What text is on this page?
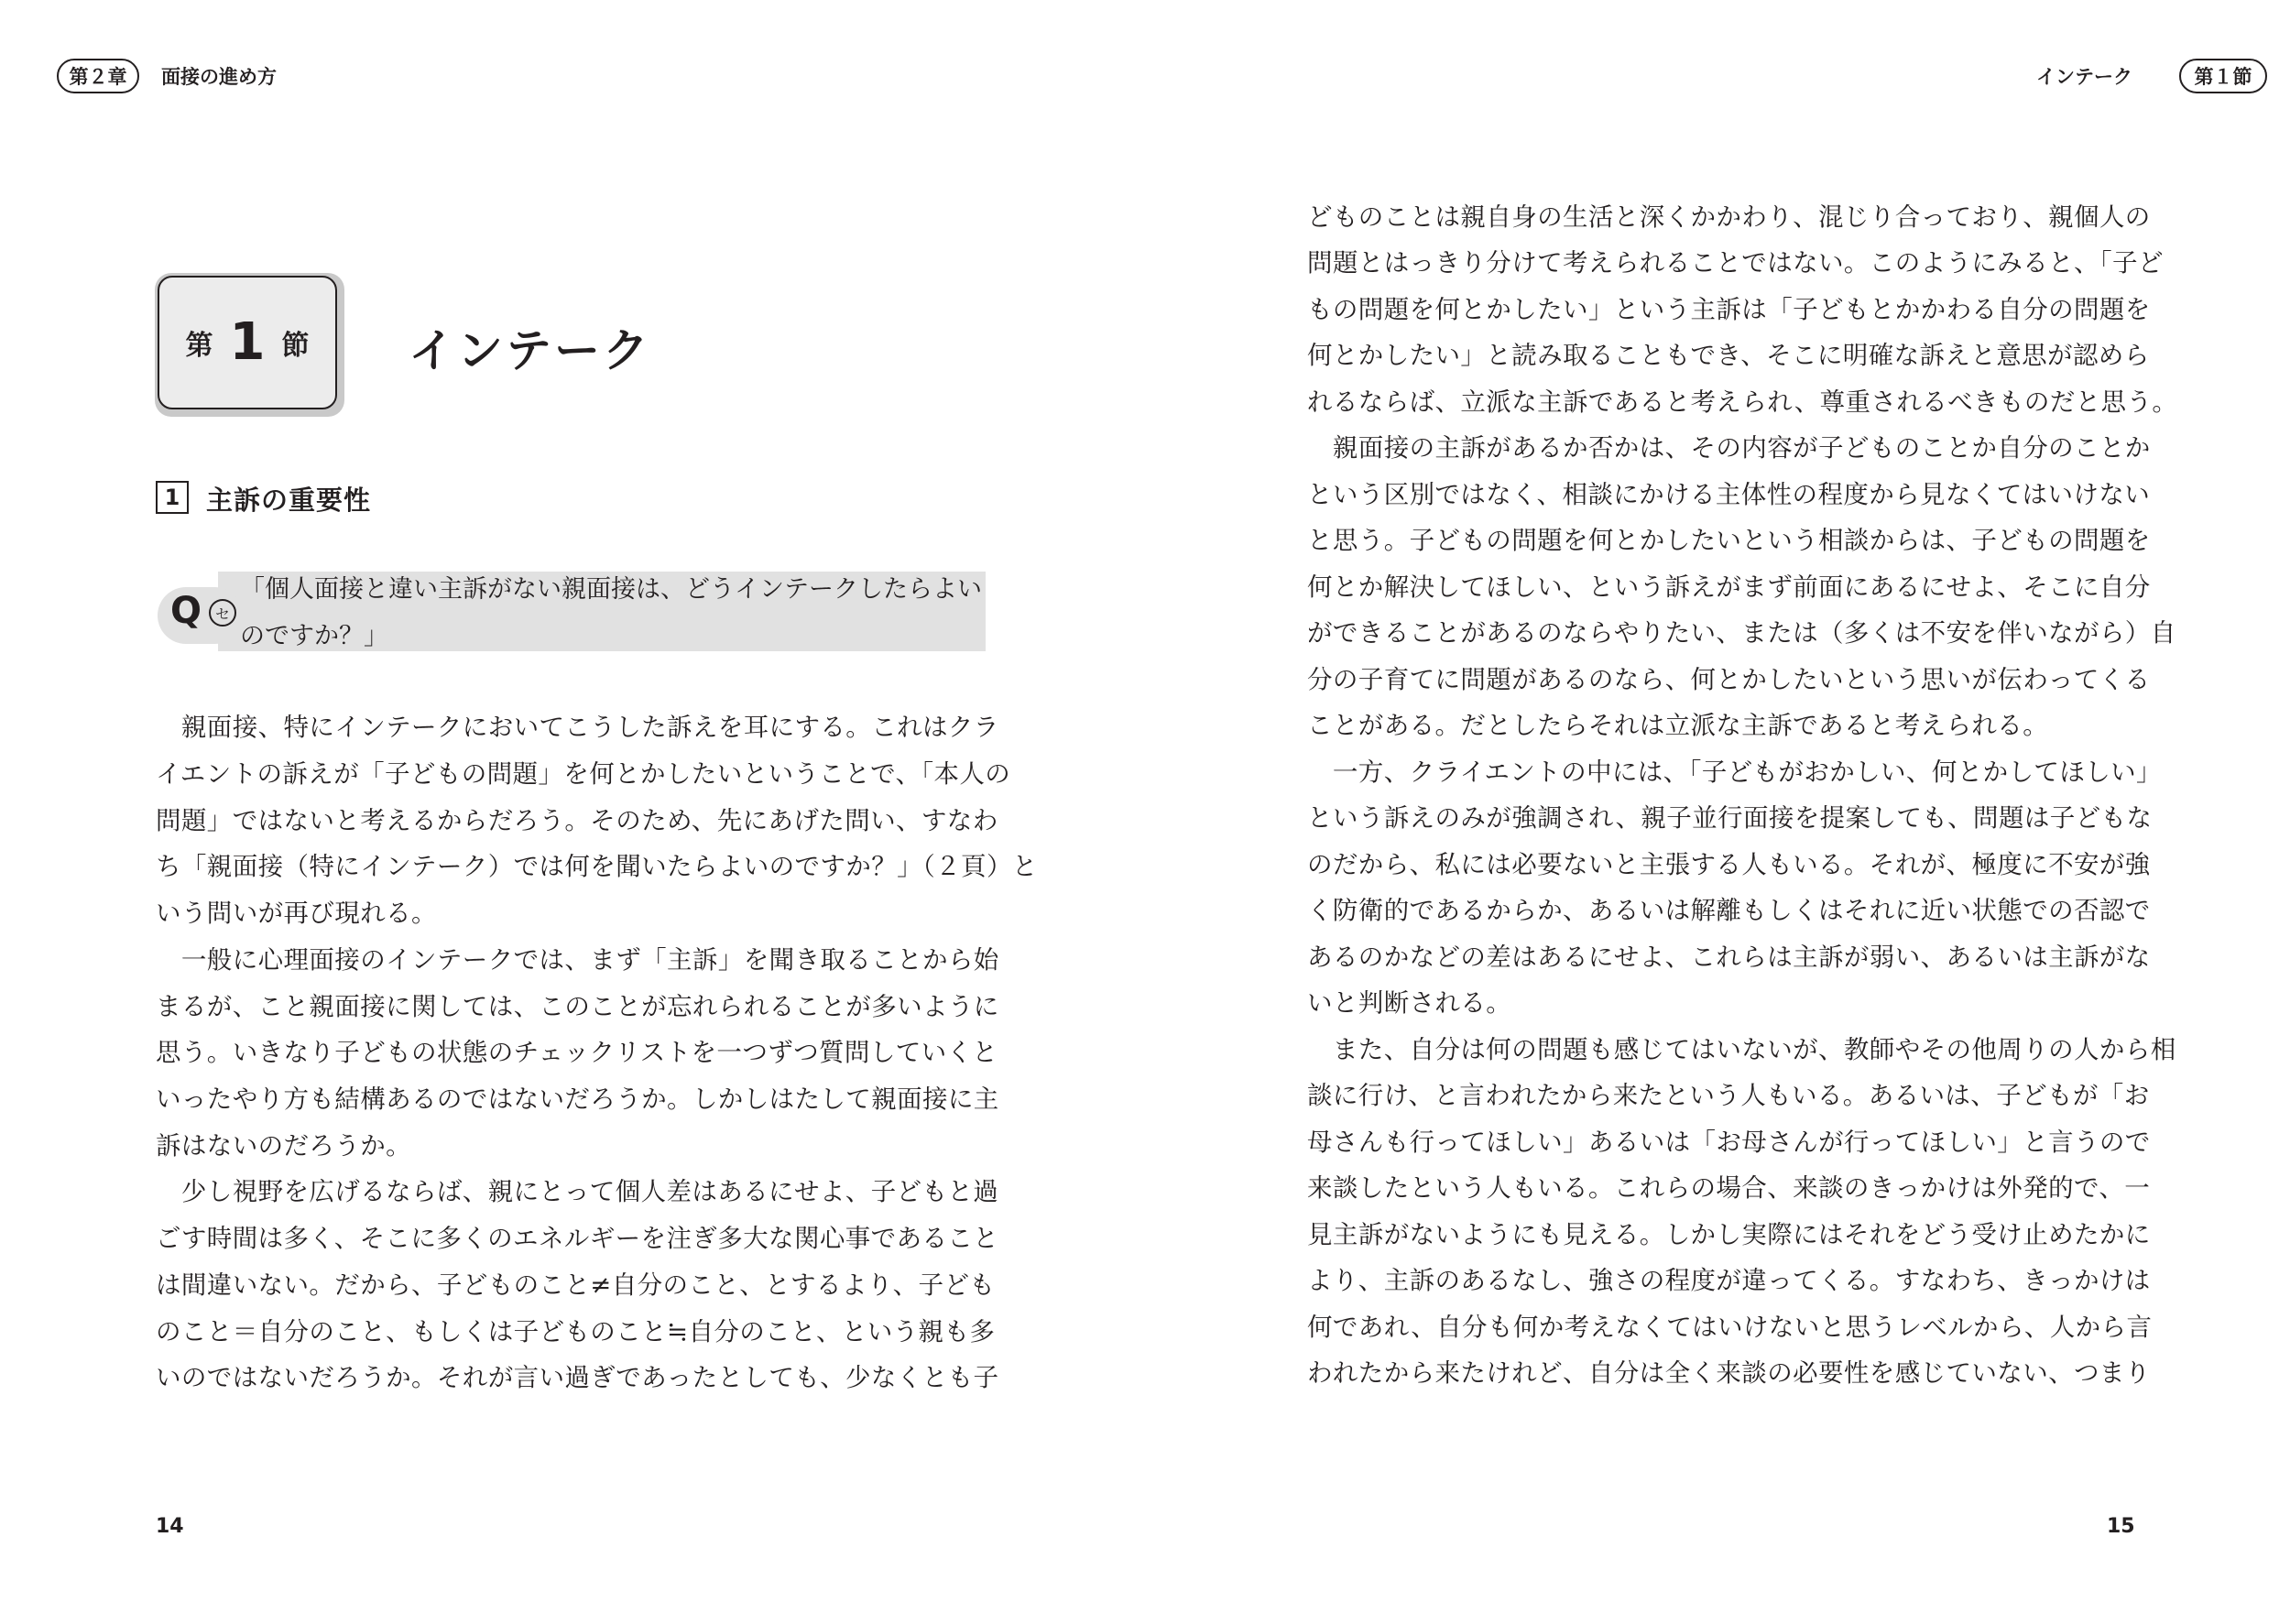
第２章	面接の進め方
第 1 節 インテーク
1 主訴の重要性
Q セ
「個人面接と違い主訴がない親面接は、どうインテークしたらよい
のですか？」
　親面接、特にインテークにおいてこうした訴えを耳にする。これはクラ
イエントの訴えが「子どもの問題」を何とかしたいということで、「本人の
問題」ではないと考えるからだろう。そのため、先にあげた問い、すなわ
ち「親面接（特にインテーク）では何を聞いたらよいのですか？」（２頁）と
いう問いが再び現れる。
　一般に心理面接のインテークでは、まず「主訴」を聞き取ることから始
まるが、こと親面接に関しては、このことが忘れられることが多いように
思う。いきなり子どもの状態のチェックリストを一つずつ質問していくと
いったやり方も結構あるのではないだろうか。しかしはたして親面接に主
訴はないのだろうか。
　少し視野を広げるならば、親にとって個人差はあるにせよ、子どもと過
ごす時間は多く、そこに多くのエネルギーを注ぎ多大な関心事であること
は間違いない。だから、子どものこと≠自分のこと、とするより、子ども
のこと＝自分のこと、もしくは子どものこと≒自分のこと、という親も多
いのではないだろうか。それが言い過ぎであったとしても、少なくとも子
14
インテーク	第１節
どものことは親自身の生活と深くかかわり、混じり合っており、親個人の
問題とはっきり分けて考えられることではない。このようにみると、「子ど
もの問題を何とかしたい」という主訴は「子どもとかかわる自分の問題を
何とかしたい」と読み取ることもでき、そこに明確な訴えと意思が認めら
れるならば、立派な主訴であると考えられ、尊重されるべきものだと思う。
　親面接の主訴があるか否かは、その内容が子どものことか自分のことか
という区別ではなく、相談にかける主体性の程度から見なくてはいけない
と思う。子どもの問題を何とかしたいという相談からは、子どもの問題を
何とか解決してほしい、という訴えがまず前面にあるにせよ、そこに自分
ができることがあるのならやりたい、または（多くは不安を伴いながら）自
分の子育てに問題があるのなら、何とかしたいという思いが伝わってくる
ことがある。だとしたらそれは立派な主訴であると考えられる。
　一方、クライエントの中には、「子どもがおかしい、何とかしてほしい」
という訴えのみが強調され、親子並行面接を提案しても、問題は子どもな
のだから、私には必要ないと主張する人もいる。それが、極度に不安が強
く防衛的であるからか、あるいは解離もしくはそれに近い状態での否認で
あるのかなどの差はあるにせよ、これらは主訴が弱い、あるいは主訴がな
いと判断される。
　また、自分は何の問題も感じてはいないが、教師やその他周りの人から相
談に行け、と言われたから来たという人もいる。あるいは、子どもが「お
母さんも行ってほしい」あるいは「お母さんが行ってほしい」と言うので
来談したという人もいる。これらの場合、来談のきっかけは外発的で、一
見主訴がないようにも見える。しかし実際にはそれをどう受け止めたかに
より、主訴のあるなし、強さの程度が違ってくる。すなわち、きっかけは
何であれ、自分も何か考えなくてはいけないと思うレベルから、人から言
われたから来たけれど、自分は全く来談の必要性を感じていない、つまり
15
